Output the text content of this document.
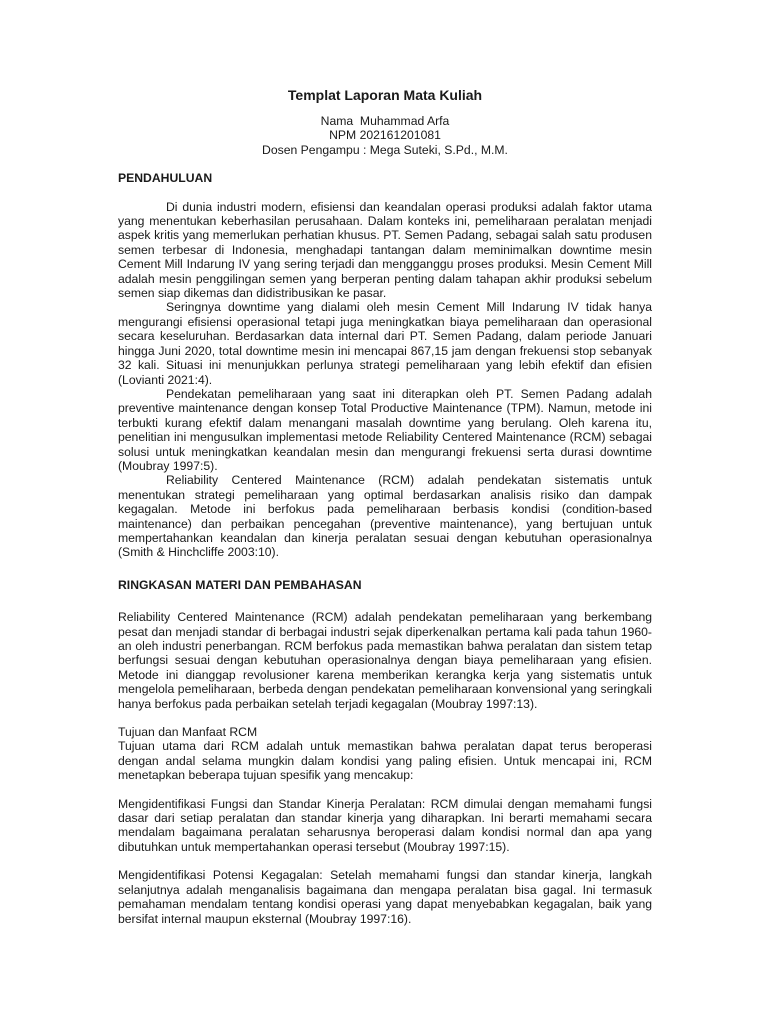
Templat Laporan Mata Kuliah
Nama  Muhammad Arfa
NPM 202161201081
Dosen Pengampu : Mega Suteki, S.Pd., M.M.
PENDAHULUAN

Di dunia industri modern, efisiensi dan keandalan operasi produksi adalah faktor utama yang menentukan keberhasilan perusahaan. Dalam konteks ini, pemeliharaan peralatan menjadi aspek kritis yang memerlukan perhatian khusus. PT. Semen Padang, sebagai salah satu produsen semen terbesar di Indonesia, menghadapi tantangan dalam meminimalkan downtime mesin Cement Mill Indarung IV yang sering terjadi dan mengganggu proses produksi. Mesin Cement Mill adalah mesin penggilingan semen yang berperan penting dalam tahapan akhir produksi sebelum semen siap dikemas dan didistribusikan ke pasar.

Seringnya downtime yang dialami oleh mesin Cement Mill Indarung IV tidak hanya mengurangi efisiensi operasional tetapi juga meningkatkan biaya pemeliharaan dan operasional secara keseluruhan. Berdasarkan data internal dari PT. Semen Padang, dalam periode Januari hingga Juni 2020, total downtime mesin ini mencapai 867,15 jam dengan frekuensi stop sebanyak 32 kali. Situasi ini menunjukkan perlunya strategi pemeliharaan yang lebih efektif dan efisien (Lovianti 2021:4).

Pendekatan pemeliharaan yang saat ini diterapkan oleh PT. Semen Padang adalah preventive maintenance dengan konsep Total Productive Maintenance (TPM). Namun, metode ini terbukti kurang efektif dalam menangani masalah downtime yang berulang. Oleh karena itu, penelitian ini mengusulkan implementasi metode Reliability Centered Maintenance (RCM) sebagai solusi untuk meningkatkan keandalan mesin dan mengurangi frekuensi serta durasi downtime (Moubray 1997:5).

Reliability Centered Maintenance (RCM) adalah pendekatan sistematis untuk menentukan strategi pemeliharaan yang optimal berdasarkan analisis risiko dan dampak kegagalan. Metode ini berfokus pada pemeliharaan berbasis kondisi (condition-based maintenance) dan perbaikan pencegahan (preventive maintenance), yang bertujuan untuk mempertahankan keandalan dan kinerja peralatan sesuai dengan kebutuhan operasionalnya (Smith & Hinchcliffe 2003:10).

RINGKASAN MATERI DAN PEMBAHASAN

Reliability Centered Maintenance (RCM) adalah pendekatan pemeliharaan yang berkembang pesat dan menjadi standar di berbagai industri sejak diperkenalkan pertama kali pada tahun 1960-an oleh industri penerbangan. RCM berfokus pada memastikan bahwa peralatan dan sistem tetap berfungsi sesuai dengan kebutuhan operasionalnya dengan biaya pemeliharaan yang efisien. Metode ini dianggap revolusioner karena memberikan kerangka kerja yang sistematis untuk mengelola pemeliharaan, berbeda dengan pendekatan pemeliharaan konvensional yang seringkali hanya berfokus pada perbaikan setelah terjadi kegagalan (Moubray 1997:13).

Tujuan dan Manfaat RCM

Tujuan utama dari RCM adalah untuk memastikan bahwa peralatan dapat terus beroperasi dengan andal selama mungkin dalam kondisi yang paling efisien. Untuk mencapai ini, RCM menetapkan beberapa tujuan spesifik yang mencakup:

Mengidentifikasi Fungsi dan Standar Kinerja Peralatan: RCM dimulai dengan memahami fungsi dasar dari setiap peralatan dan standar kinerja yang diharapkan. Ini berarti memahami secara mendalam bagaimana peralatan seharusnya beroperasi dalam kondisi normal dan apa yang dibutuhkan untuk mempertahankan operasi tersebut (Moubray 1997:15).

Mengidentifikasi Potensi Kegagalan: Setelah memahami fungsi dan standar kinerja, langkah selanjutnya adalah menganalisis bagaimana dan mengapa peralatan bisa gagal. Ini termasuk pemahaman mendalam tentang kondisi operasi yang dapat menyebabkan kegagalan, baik yang bersifat internal maupun eksternal (Moubray 1997:16).
